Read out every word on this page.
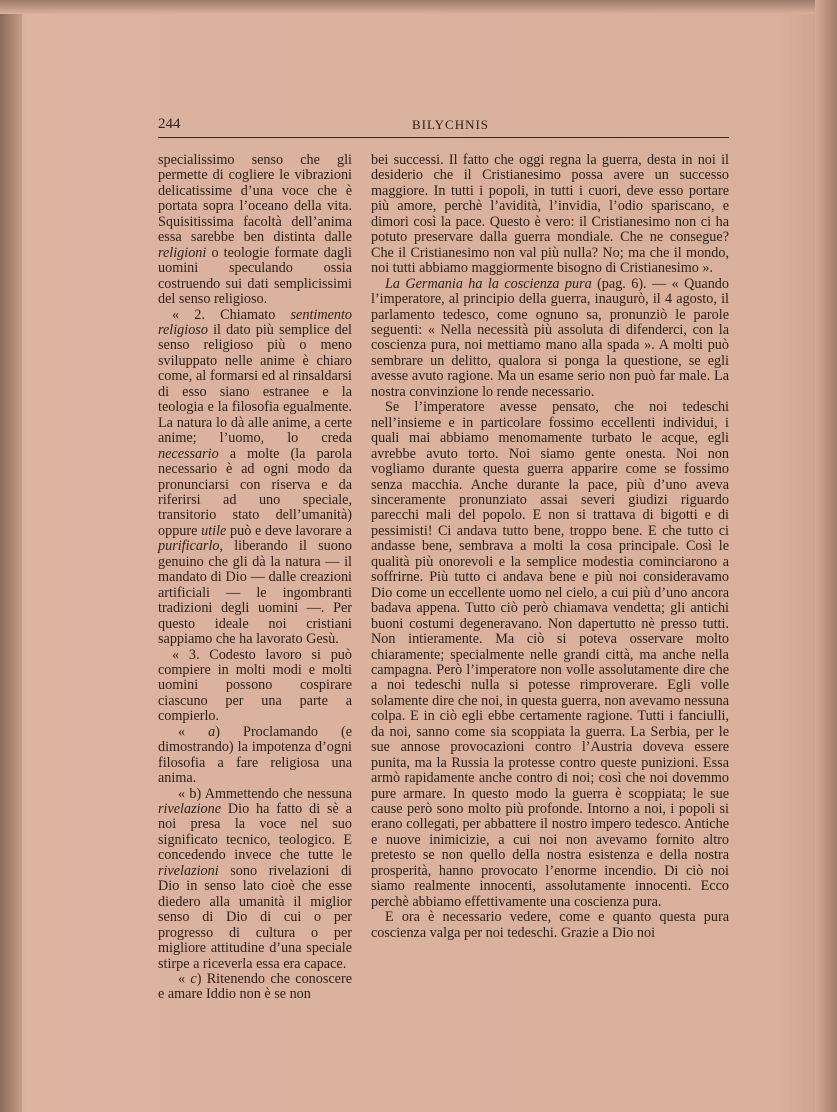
244	BILYCHNIS

specialissimo senso che gli permette di cogliere le vibrazioni delicatissime d’una voce che è portata sopra l’oceano della vita. Squisitissima facoltà dell’anima essa sarebbe ben distinta dalle religioni o teologie formate dagli uomini speculando ossia costruendo sui dati semplicissimi del senso religioso.

« 2. Chiamato sentimento religioso il dato più semplice del senso religioso più o meno sviluppato nelle anime è chiaro come, al formarsi ed al rinsaldarsi di esso siano estranee e la teologia e la filosofia egualmente. La natura lo dà alle anime, a certe anime; l’uomo, lo creda necessario a molte (la parola necessario è ad ogni modo da pronunciarsi con riserva e da riferirsi ad uno speciale, transitorio stato dell’umanità) oppure utile può e deve lavorare a purificarlo, liberando il suono genuino che gli dà la natura — il mandato di Dio — dalle creazioni artificiali — le ingombranti tradizioni degli uomini —. Per questo ideale noi cristiani sappiamo che ha lavorato Gesù.

« 3. Codesto lavoro si può compiere in molti modi e molti uomini possono cospirare ciascuno per una parte a compierlo.

« a) Proclamando (e dimostrando) la impotenza d’ogni filosofia a fare religiosa una anima.

« b) Ammettendo che nessuna rivelazione Dio ha fatto di sè a noi presa la voce nel suo significato tecnico, teologico. E concedendo invece che tutte le rivelazioni sono rivelazioni di Dio in senso lato cioè che esse diedero alla umanità il miglior senso di Dio di cui o per progresso di cultura o per migliore attitudine d’una speciale stirpe a riceverla essa era capace.

« c) Ritenendo che conoscere e amare Iddio non è se non

bei successi. Il fatto che oggi regna la guerra, desta in noi il desiderio che il Cristianesimo possa avere un successo maggiore. In tutti i popoli, in tutti i cuori, deve esso portare più amore, perchè l’avidità, l’invidia, l’odio spariscano, e dimori così la pace. Questo è vero: il Cristianesimo non ci ha potuto preservare dalla guerra mondiale. Che ne consegue? Che il Cristianesimo non val più nulla? No; ma che il mondo, noi tutti abbiamo maggiormente bisogno di Cristianesimo ».

La Germania ha la coscienza pura (pag. 6). — « Quando l’imperatore, al principio della guerra, inaugurò, il 4 agosto, il parlamento tedesco, come ognuno sa, pronunziò le parole seguenti: « Nella necessità più assoluta di difenderci, con la coscienza pura, noi mettiamo mano alla spada ». A molti può sembrare un delitto, qualora si ponga la questione, se egli avesse avuto ragione. Ma un esame serio non può far male. La nostra convinzione lo rende necessario.

Se l’imperatore avesse pensato, che noi tedeschi nell’insieme e in particolare fossimo eccellenti individui, i quali mai abbiamo menomamente turbato le acque, egli avrebbe avuto torto. Noi siamo gente onesta. Noi non vogliamo durante questa guerra apparire come se fossimo senza macchia. Anche durante la pace, più d’uno aveva sinceramente pronunziato assai severi giudizi riguardo parecchi mali del popolo. E non si trattava di bigotti e di pessimisti! Ci andava tutto bene, troppo bene. E che tutto ci andasse bene, sembrava a molti la cosa principale. Così le qualità più onorevoli e la semplice modestia cominciarono a soffrirne. Più tutto ci andava bene e più noi consideravamo Dio come un eccellente uomo nel cielo, a cui più d’uno ancora badava appena. Tutto ciò però chiamava vendetta; gli antichi buoni costumi degeneravano. Non dapertutto nè presso tutti. Non intieramente. Ma ciò si poteva osservare molto chiaramente; specialmente nelle grandi città, ma anche nella campagna. Però l’imperatore non volle assolutamente dire che a noi tedeschi nulla si potesse rimproverare. Egli volle solamente dire che noi, in questa guerra, non avevamo nessuna colpa. E in ciò egli ebbe certamente ragione. Tutti i fanciulli, da noi, sanno come sia scoppiata la guerra. La Serbia, per le sue annose provocazioni contro l’Austria doveva essere punita, ma la Russia la protesse contro queste punizioni. Essa armò rapidamente anche contro di noi; così che noi dovemmo pure armare. In questo modo la guerra è scoppiata; le sue cause però sono molto più profonde. Intorno a noi, i popoli si erano collegati, per abbattere il nostro impero tedesco. Antiche e nuove inimicizie, a cui noi non avevamo fornito altro pretesto se non quello della nostra esistenza e della nostra prosperità, hanno provocato l’enorme incendio. Di ciò noi siamo realmente innocenti, assolutamente innocenti. Ecco perchè abbiamo effettivamente una coscienza pura.

E ora è necessario vedere, come e quanto questa pura coscienza valga per noi tedeschi. Grazie a Dio noi
